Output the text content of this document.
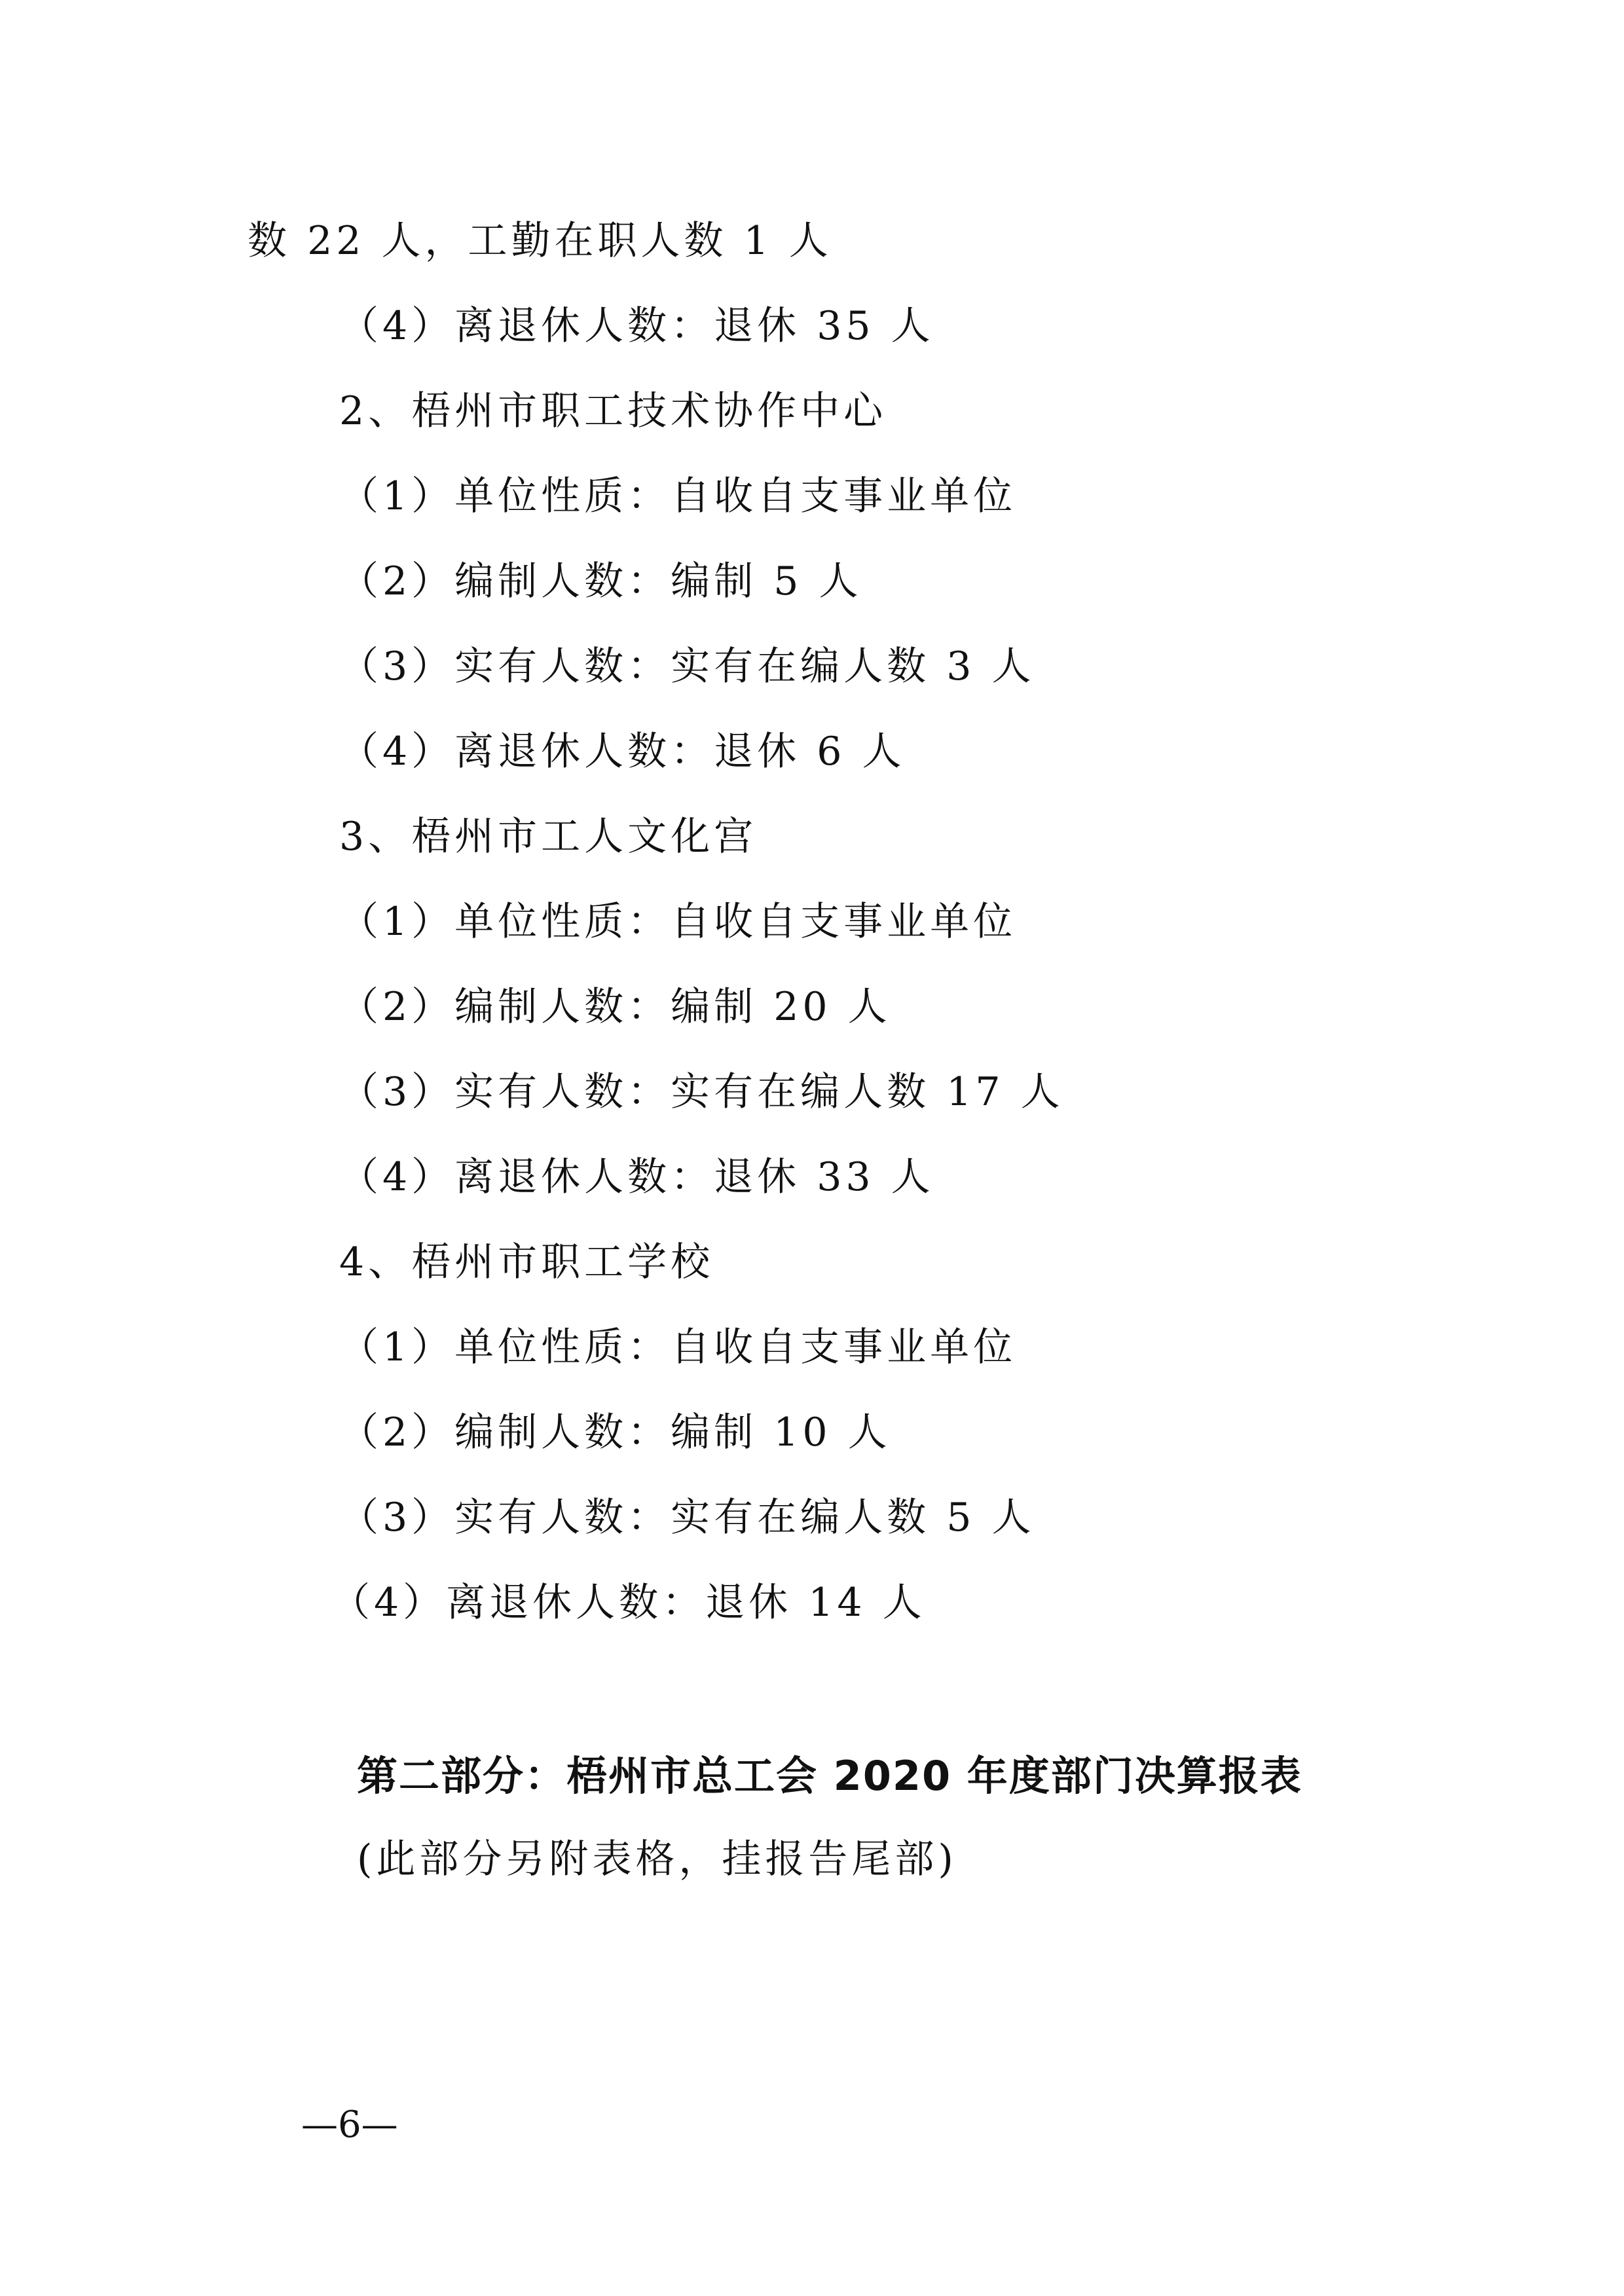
数 22 人，工勤在职人数 1 人
（4）离退休人数：退休 35 人
2、梧州市职工技术协作中心
（1）单位性质：自收自支事业单位
（2）编制人数：编制 5 人
（3）实有人数：实有在编人数 3 人
（4）离退休人数：退休 6 人
3、梧州市工人文化宫
（1）单位性质：自收自支事业单位
（2）编制人数：编制 20 人
（3）实有人数：实有在编人数 17 人
（4）离退休人数：退休 33 人
4、梧州市职工学校
（1）单位性质：自收自支事业单位
（2）编制人数：编制 10 人
（3）实有人数：实有在编人数 5 人
（4）离退休人数：退休 14 人
第二部分：梧州市总工会 2020 年度部门决算报表
(此部分另附表格，挂报告尾部)
—6—
